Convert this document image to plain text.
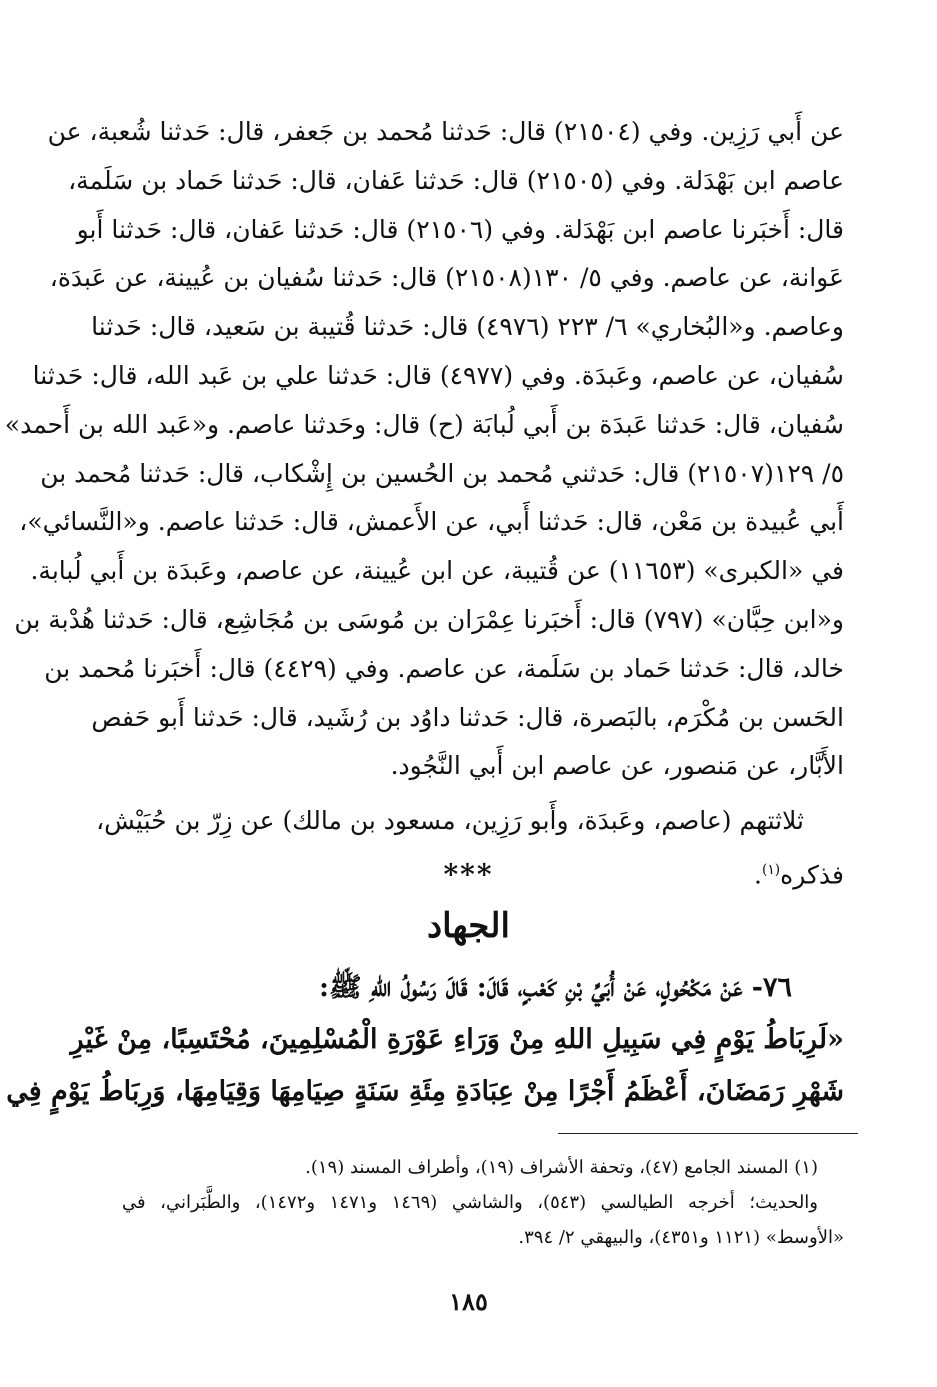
عن أَبي رَزِين. وفي (٢١٥٠٤) قال: حَدثنا مُحمد بن جَعفر، قال: حَدثنا شُعبة، عن
عاصم ابن بَهْدَلة. وفي (٢١٥٠٥) قال: حَدثنا عَفان، قال: حَدثنا حَماد بن سَلَمة،
قال: أَخبَرنا عاصم ابن بَهْدَلة. وفي (٢١٥٠٦) قال: حَدثنا عَفان، قال: حَدثنا أَبو
عَوانة، عن عاصم. وفي ٥/ ١٣٠(٢١٥٠٨) قال: حَدثنا سُفيان بن عُيينة، عن عَبدَة،
وعاصم. و«البُخاري» ٦/ ٢٢٣ (٤٩٧٦) قال: حَدثنا قُتيبة بن سَعيد، قال: حَدثنا
سُفيان، عن عاصم، وعَبدَة. وفي (٤٩٧٧) قال: حَدثنا علي بن عَبد الله، قال: حَدثنا
سُفيان، قال: حَدثنا عَبدَة بن أَبي لُبابَة (ح) قال: وحَدثنا عاصم. و«عَبد الله بن أَحمد»
٥/ ١٢٩(٢١٥٠٧) قال: حَدثني مُحمد بن الحُسين بن إِشْكاب، قال: حَدثنا مُحمد بن
أَبي عُبيدة بن مَعْن، قال: حَدثنا أَبي، عن الأَعمش، قال: حَدثنا عاصم. و«النَّسائي»،
في «الكبرى» (١١٦٥٣) عن قُتيبة، عن ابن عُيينة، عن عاصم، وعَبدَة بن أَبي لُبابة.
و«ابن حِبَّان» (٧٩٧) قال: أَخبَرنا عِمْرَان بن مُوسَى بن مُجَاشِع، قال: حَدثنا هُدْبة بن
خالد، قال: حَدثنا حَماد بن سَلَمة، عن عاصم. وفي (٤٤٢٩) قال: أَخبَرنا مُحمد بن
الحَسن بن مُكْرَم، بالبَصرة، قال: حَدثنا داوُد بن رُشَيد، قال: حَدثنا أَبو حَفص
الأَبَّار، عن مَنصور، عن عاصم ابن أَبي النَّجُود.
ثلاثتهم (عاصم، وعَبدَة، وأَبو رَزِين، مسعود بن مالك) عن زِرّ بن حُبَيْش،
فذكره$^{(١)}$.
***
الجهاد
٧٦- عَنْ مَكْحُولٍ، عَنْ أُبَيِّ بْنِ كَعْبٍ، قَالَ: قَالَ رَسُولُ اللهِ ﷺ:
«لَرِبَاطُ يَوْمٍ فِي سَبِيلِ اللهِ مِنْ وَرَاءِ عَوْرَةِ الْمُسْلِمِينَ، مُحْتَسِبًا، مِنْ غَيْرِ
شَهْرِ رَمَضَانَ، أَعْظَمُ أَجْرًا مِنْ عِبَادَةِ مِئَةِ سَنَةٍ صِيَامِهَا وَقِيَامِهَا، وَرِبَاطُ يَوْمٍ فِي
(١) المسند الجامع (٤٧)، وتحفة الأشراف (١٩)، وأطراف المسند (١٩).
والحديث؛ أخرجه الطيالسي (٥٤٣)، والشاشي (١٤٦٩ و١٤٧١ و١٤٧٢)، والطَّبَراني، في
«الأوسط» (١١٢١ و٤٣٥١)، والبيهقي ٢/ ٣٩٤.
١٨٥
